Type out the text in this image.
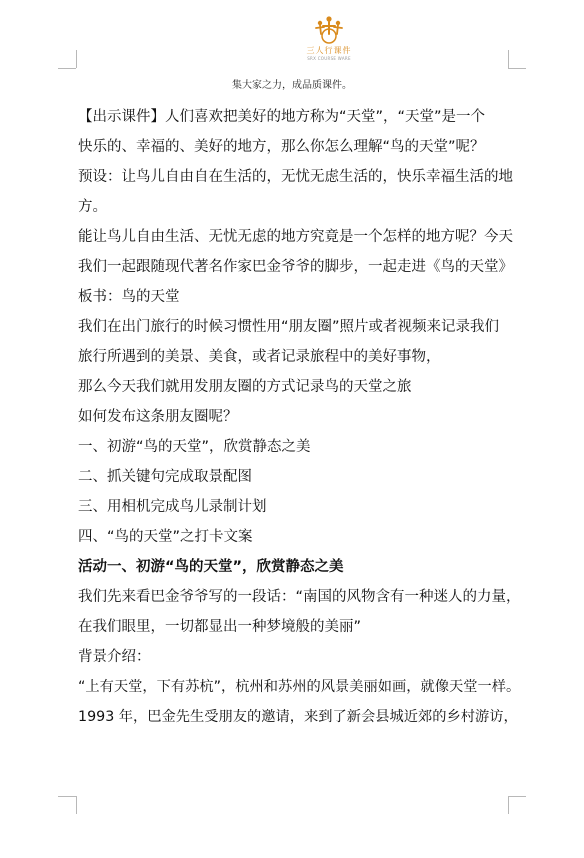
三人行课件
SRX COURSE WARE
集大家之力，成品质课件。
【出示课件】人们喜欢把美好的地方称为“天堂”，“天堂”是一个
快乐的、幸福的、美好的地方，那么你怎么理解“鸟的天堂”呢？
预设：让鸟儿自由自在生活的，无忧无虑生活的，快乐幸福生活的地
方。
能让鸟儿自由生活、无忧无虑的地方究竟是一个怎样的地方呢？今天
我们一起跟随现代著名作家巴金爷爷的脚步，一起走进《鸟的天堂》
板书：鸟的天堂
我们在出门旅行的时候习惯性用“朋友圈”照片或者视频来记录我们
旅行所遇到的美景、美食，或者记录旅程中的美好事物，
那么今天我们就用发朋友圈的方式记录鸟的天堂之旅
如何发布这条朋友圈呢？
一、初游“鸟的天堂”，欣赏静态之美
二、抓关键句完成取景配图
三、用相机完成鸟儿录制计划
四、“鸟的天堂”之打卡文案
活动一、初游“鸟的天堂”，欣赏静态之美
我们先来看巴金爷爷写的一段话：“南国的风物含有一种迷人的力量，
在我们眼里，一切都显出一种梦境般的美丽”
背景介绍：
“上有天堂，下有苏杭”，杭州和苏州的风景美丽如画，就像天堂一样。
1993 年，巴金先生受朋友的邀请，来到了新会县城近郊的乡村游访，
